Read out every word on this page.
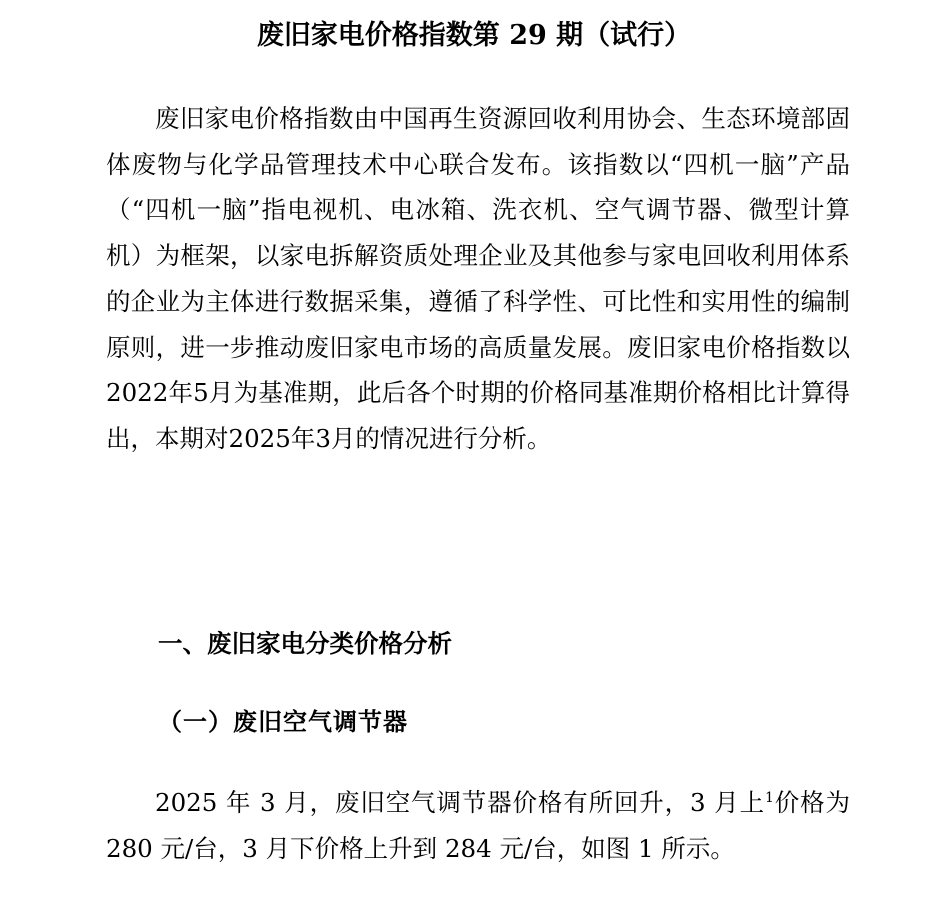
废旧家电价格指数第 29 期（试行）

废旧家电价格指数由中国再生资源回收利用协会、生态环境部固体废物与化学品管理技术中心联合发布。该指数以“四机一脑”产品（“四机一脑”指电视机、电冰箱、洗衣机、空气调节器、微型计算机）为框架，以家电拆解资质处理企业及其他参与家电回收利用体系的企业为主体进行数据采集，遵循了科学性、可比性和实用性的编制原则，进一步推动废旧家电市场的高质量发展。废旧家电价格指数以2022年5月为基准期，此后各个时期的价格同基准期价格相比计算得出，本期对2025年3月的情况进行分析。

一、废旧家电分类价格分析
（一）废旧空气调节器

2025 年 3 月，废旧空气调节器价格有所回升，3 月上$^1$价格为 280 元/台，3 月下价格上升到 284 元/台，如图 1 所示。
